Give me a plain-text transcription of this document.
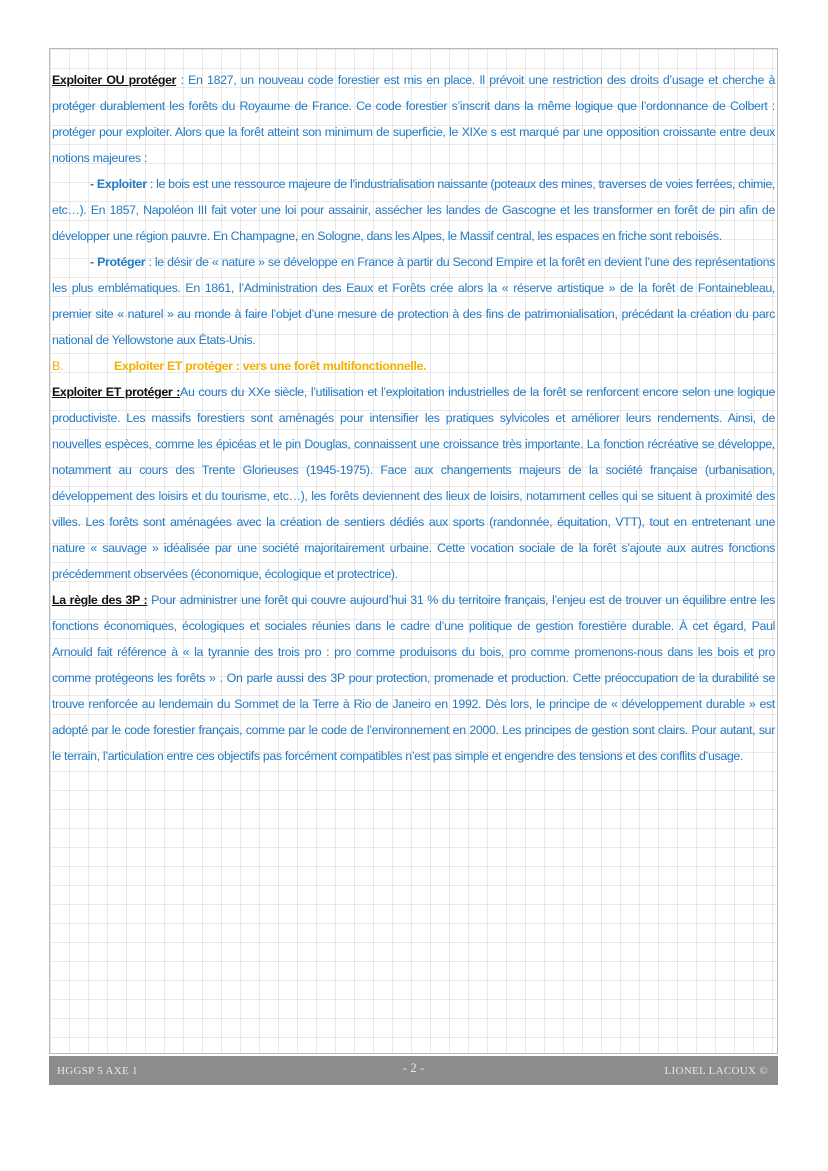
Exploiter OU protéger : En 1827, un nouveau code forestier est mis en place. Il prévoit une restriction des droits d’usage et cherche à protéger durablement les forêts du Royaume de France. Ce code forestier s’inscrit dans la même logique que l’ordonnance de Colbert : protéger pour exploiter. Alors que la forêt atteint son minimum de superficie, le XIXe s est marqué par une opposition croissante entre deux notions majeures :

- Exploiter : le bois est une ressource majeure de l’industrialisation naissante (poteaux des mines, traverses de voies ferrées, chimie, etc…). En 1857, Napoléon III fait voter une loi pour assainir, assécher les landes de Gascogne et les transformer en forêt de pin afin de développer une région pauvre. En Champagne, en Sologne, dans les Alpes, le Massif central, les espaces en friche sont reboisés.

- Protéger : le désir de « nature » se développe en France à partir du Second Empire et la forêt en devient l’une des représentations les plus emblématiques. En 1861, l’Administration des Eaux et Forêts crée alors la « réserve artistique » de la forêt de Fontainebleau, premier site « naturel » au monde à faire l’objet d’une mesure de protection à des fins de patrimonialisation, précédant la création du parc national de Yellowstone aux États-Unis.

B.	Exploiter ET protéger : vers une forêt multifonctionnelle.

Exploiter ET protéger :Au cours du XXe siècle, l’utilisation et l’exploitation industrielles de la forêt se renforcent encore selon une logique productiviste. Les massifs forestiers sont aménagés pour intensifier les pratiques sylvicoles et améliorer leurs rendements. Ainsi, de nouvelles espèces, comme les épicéas et le pin Douglas, connaissent une croissance très importante. La fonction récréative se développe, notamment au cours des Trente Glorieuses (1945-1975). Face aux changements majeurs de la société française (urbanisation, développement des loisirs et du tourisme, etc…), les forêts deviennent des lieux de loisirs, notamment celles qui se situent à proximité des villes. Les forêts sont aménagées avec la création de sentiers dédiés aux sports (randonnée, équitation, VTT), tout en entretenant une nature « sauvage » idéalisée par une société majoritairement urbaine. Cette vocation sociale de la forêt s’ajoute aux autres fonctions précédemment observées (économique, écologique et protectrice).

La règle des 3P : Pour administrer une forêt qui couvre aujourd’hui 31 % du territoire français, l’enjeu est de trouver un équilibre entre les fonctions économiques, écologiques et sociales réunies dans le cadre d’une politique de gestion forestière durable. À cet égard, Paul Arnould fait référence à « la tyrannie des trois pro : pro comme produisons du bois, pro comme promenons-nous dans les bois et pro comme protégeons les forêts » . On parle aussi des 3P pour protection, promenade et production. Cette préoccupation de la durabilité se trouve renforcée au lendemain du Sommet de la Terre à Rio de Janeiro en 1992. Dès lors, le principe de « développement durable » est adopté par le code forestier français, comme par le code de l’environnement en 2000. Les principes de gestion sont clairs. Pour autant, sur le terrain, l’articulation entre ces objectifs pas forcément compatibles n’est pas simple et engendre des tensions et des conflits d’usage.

HGGSP 5 AXE 1	- 2 -	LIONEL LACOUX ©
